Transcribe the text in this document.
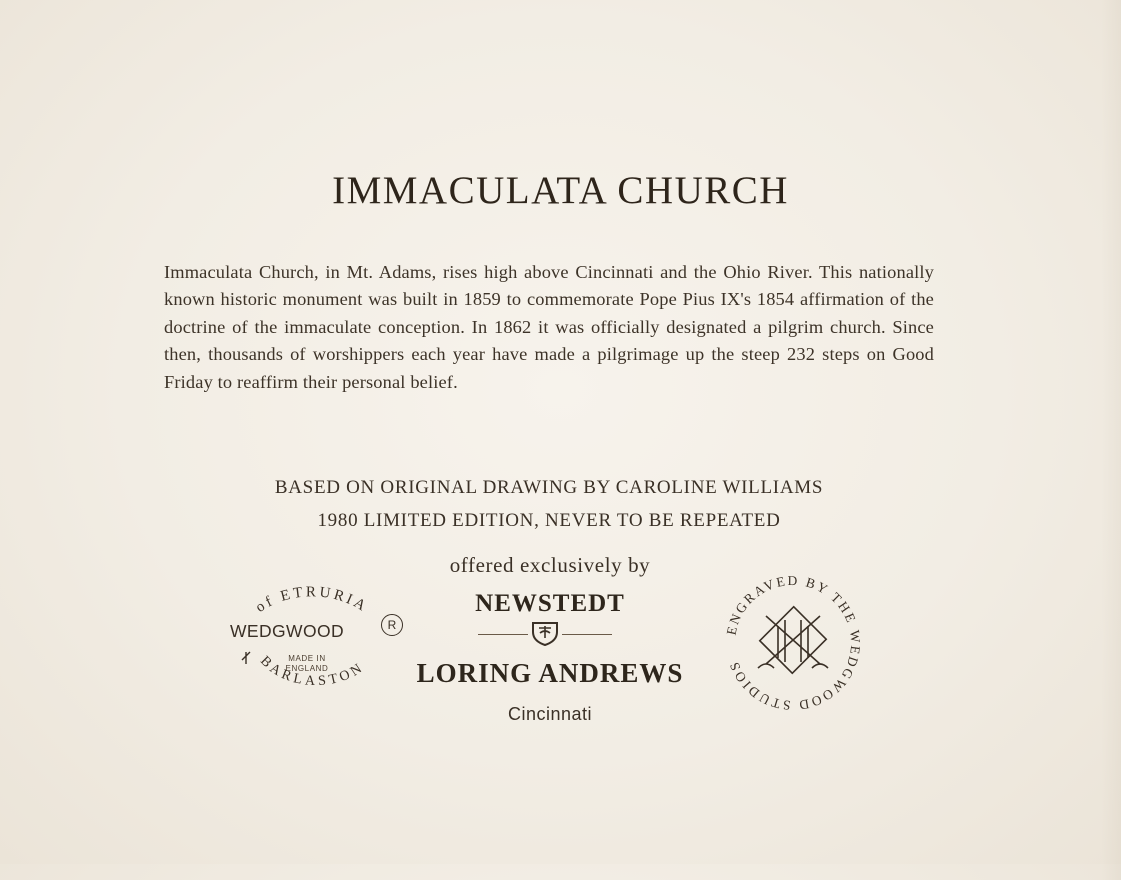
IMMACULATA CHURCH
Immaculata Church, in Mt. Adams, rises high above Cincinnati and the Ohio River. This nationally known historic monument was built in 1859 to commemorate Pope Pius IX's 1854 affirmation of the doctrine of the immaculate conception. In 1862 it was officially designated a pilgrim church. Since then, thousands of worshippers each year have made a pilgrimage up the steep 232 steps on Good Friday to reaffirm their personal belief.
BASED ON ORIGINAL DRAWING BY CAROLINE WILLIAMS
1980 LIMITED EDITION, NEVER TO BE REPEATED
offered exclusively by
NEWSTEDT
LORING ANDREWS
Cincinnati
of ETRURIA
BARLASTON
WEDGWOOD	R
MADE IN
ENGLAND
ENGRAVED BY THE WEDGWOOD STUDIOS
